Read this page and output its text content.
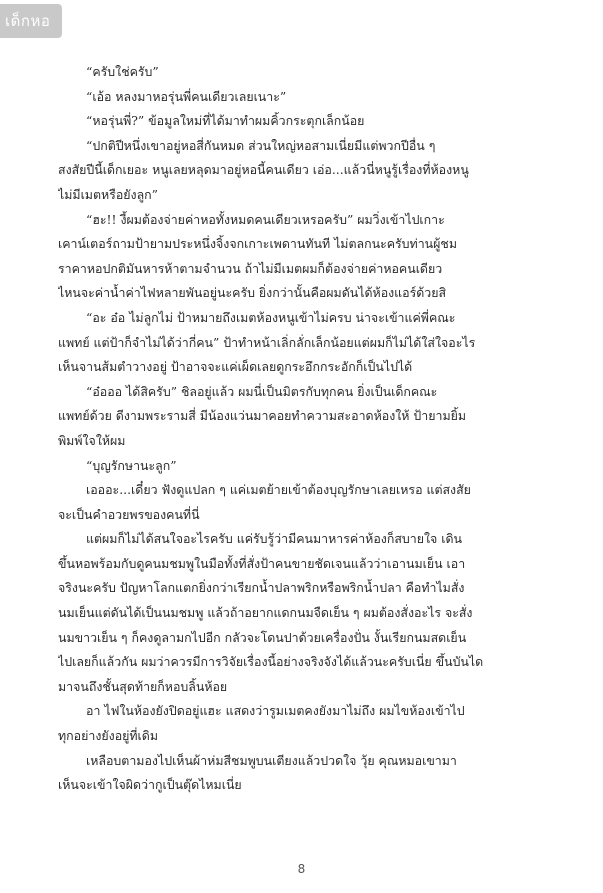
เด็กหอ
“ครับใช่ครับ”
“เอ้อ หลงมาหอรุ่นพี่คนเดียวเลยเนาะ”
“หอรุ่นพี่?” ข้อมูลใหม่ที่ได้มาทำผมคิ้วกระตุกเล็กน้อย
“ปกติปีหนึ่งเขาอยู่หอสี่กันหมด ส่วนใหญ่หอสามเนี่ยมีแต่พวกปีอื่น ๆ
สงสัยปีนี้เด็กเยอะ หนูเลยหลุดมาอยู่หอนี้คนเดียว เอ่อ...แล้วนี่หนูรู้เรื่องที่ห้องหนู
ไม่มีเมตหรือยังลูก”
“ฮะ!! งี้ผมต้องจ่ายค่าหอทั้งหมดคนเดียวเหรอครับ” ผมวิ่งเข้าไปเกาะ
เคาน์เตอร์ถามป้ายามประหนึ่งจิ้งจกเกาะเพดานทันที ไม่ตลกนะครับท่านผู้ชม
ราคาหอปกติมันหารห้าตามจำนวน ถ้าไม่มีเมตผมก็ต้องจ่ายค่าหอคนเดียว
ไหนจะค่าน้ำค่าไฟหลายพันอยู่นะครับ ยิ่งกว่านั้นคือผมดันได้ห้องแอร์ด้วยสิ
“อะ อ๋อ ไม่ลูกไม่ ป้าหมายถึงเมตห้องหนูเข้าไม่ครบ น่าจะเข้าแค่พี่คณะ
แพทย์ แต่ป้าก็จำไม่ได้ว่ากี่คน” ป้าทำหน้าเลิ่กลั่กเล็กน้อยแต่ผมก็ไม่ได้ใส่ใจอะไร
เห็นจานส้มตำวางอยู่ ป้าอาจจะแค่เผ็ดเลยดูกระอึกกระอักก็เป็นไปได้
“อ๋อออ ได้สิครับ” ชิลอยู่แล้ว ผมนี่เป็นมิตรกับทุกคน ยิ่งเป็นเด็กคณะ
แพทย์ด้วย ดีงามพระรามสี่ มีน้องแว่นมาคอยทำความสะอาดห้องให้ ป้ายามยิ้ม
พิมพ์ใจให้ผม
“บุญรักษานะลูก”
เอออะ...เดี๋ยว ฟังดูแปลก ๆ แค่เมตย้ายเข้าต้องบุญรักษาเลยเหรอ แต่สงสัย
จะเป็นคำอวยพรของคนที่นี่
แต่ผมก็ไม่ได้สนใจอะไรครับ แค่รับรู้ว่ามีคนมาหารค่าห้องก็สบายใจ เดิน
ขึ้นหอพร้อมกับดูคนมชมพูในมือทั้งที่สั่งป้าคนขายชัดเจนแล้วว่าเอานมเย็น เอา
จริงนะครับ ปัญหาโลกแตกยิ่งกว่าเรียกน้ำปลาพริกหรือพริกน้ำปลา คือทำไมสั่ง
นมเย็นแต่ดันได้เป็นนมชมพู แล้วถ้าอยากแดกนมจืดเย็น ๆ ผมต้องสั่งอะไร จะสั่ง
นมขาวเย็น ๆ ก็คงดูลามกไปอีก กลัวจะโดนปาด้วยเครื่องปั่น งั้นเรียกนมสดเย็น
ไปเลยก็แล้วกัน ผมว่าควรมีการวิจัยเรื่องนี้อย่างจริงจังได้แล้วนะครับเนี่ย ขึ้นบันได
มาจนถึงชั้นสุดท้ายก็หอบลิ้นห้อย
อา ไฟในห้องยังปิดอยู่แฮะ แสดงว่ารูมเมตคงยังมาไม่ถึง ผมไขห้องเข้าไป
ทุกอย่างยังอยู่ที่เดิม
เหลือบตามองไปเห็นผ้าห่มสีชมพูบนเตียงแล้วปวดใจ วุ้ย คุณหมอเขามา
เห็นจะเข้าใจผิดว่ากูเป็นตุ๊ดไหมเนี่ย
8
